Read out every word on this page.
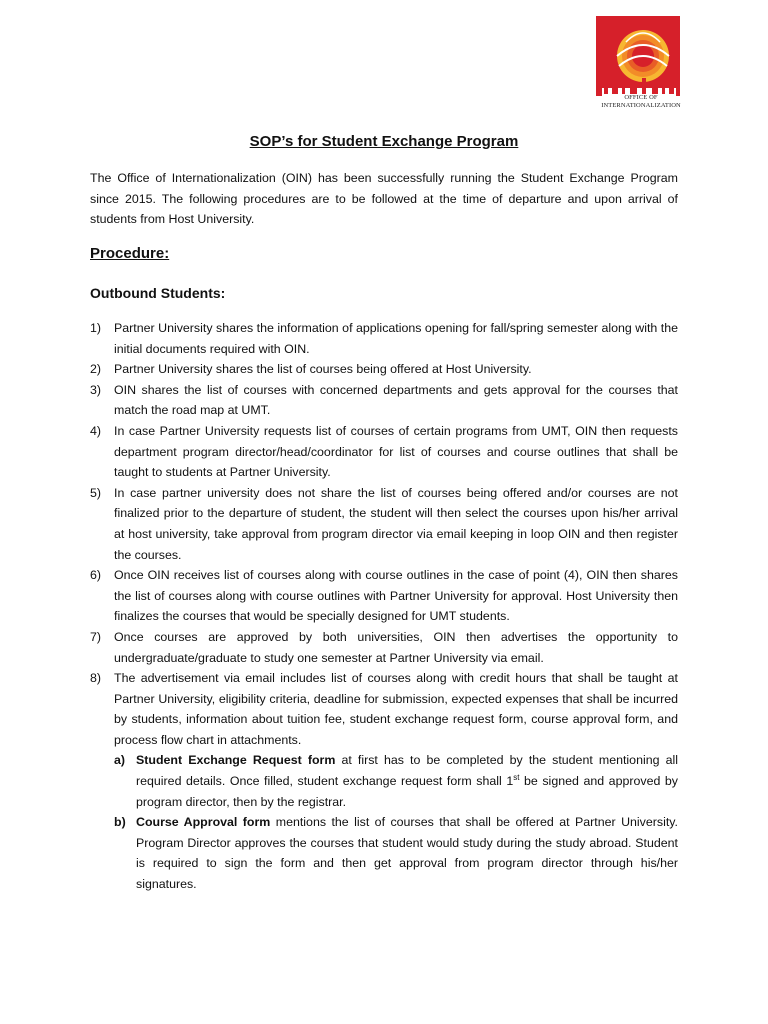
OFFICE OF
INTERNATIONALIZATION
SOP’s for Student Exchange Program

The Office of Internationalization (OIN) has been successfully running the Student Exchange Program since 2015. The following procedures are to be followed at the time of departure and upon arrival of students from Host University.

Procedure:
Outbound Students:
1) Partner University shares the information of applications opening for fall/spring semester along with the initial documents required with OIN.
2) Partner University shares the list of courses being offered at Host University.
3) OIN shares the list of courses with concerned departments and gets approval for the courses that match the road map at UMT.
4) In case Partner University requests list of courses of certain programs from UMT, OIN then requests department program director/head/coordinator for list of courses and course outlines that shall be taught to students at Partner University.
5) In case partner university does not share the list of courses being offered and/or courses are not finalized prior to the departure of student, the student will then select the courses upon his/her arrival at host university, take approval from program director via email keeping in loop OIN and then register the courses.
6) Once OIN receives list of courses along with course outlines in the case of point (4), OIN then shares the list of courses along with course outlines with Partner University for approval. Host University then finalizes the courses that would be specially designed for UMT students.
7) Once courses are approved by both universities, OIN then advertises the opportunity to undergraduate/graduate to study one semester at Partner University via email.
8) The advertisement via email includes list of courses along with credit hours that shall be taught at Partner University, eligibility criteria, deadline for submission, expected expenses that shall be incurred by students, information about tuition fee, student exchange request form, course approval form, and process flow chart in attachments.
a) Student Exchange Request form at first has to be completed by the student mentioning all required details. Once filled, student exchange request form shall 1st be signed and approved by program director, then by the registrar.
b) Course Approval form mentions the list of courses that shall be offered at Partner University. Program Director approves the courses that student would study during the study abroad. Student is required to sign the form and then get approval from program director through his/her signatures.
